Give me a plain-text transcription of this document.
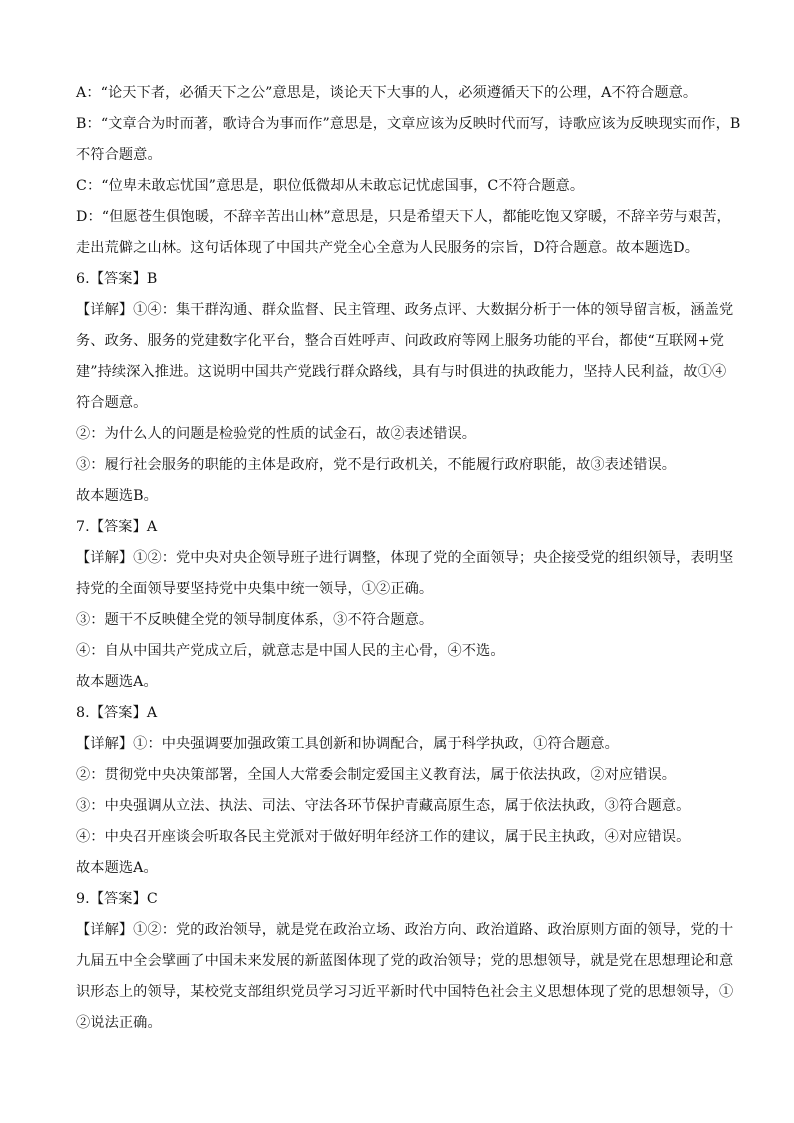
A：“论天下者，必循天下之公”意思是，谈论天下大事的人，必须遵循天下的公理，A不符合题意。

B：“文章合为时而著，歌诗合为事而作”意思是，文章应该为反映时代而写，诗歌应该为反映现实而作，B

不符合题意。

C：“位卑未敢忘忧国”意思是，职位低微却从未敢忘记忧虑国事，C不符合题意。

D：“但愿苍生俱饱暖，不辞辛苦出山林”意思是，只是希望天下人，都能吃饱又穿暖，不辞辛劳与艰苦，

走出荒僻之山林。这句话体现了中国共产党全心全意为人民服务的宗旨，D符合题意。故本题选D。

6.【答案】B

【详解】①④：集干群沟通、群众监督、民主管理、政务点评、大数据分析于一体的领导留言板，涵盖党

务、政务、服务的党建数字化平台，整合百姓呼声、问政政府等网上服务功能的平台，都使“互联网+党

建”持续深入推进。这说明中国共产党践行群众路线，具有与时俱进的执政能力，坚持人民利益，故①④

符合题意。

②：为什么人的问题是检验党的性质的试金石，故②表述错误。

③：履行社会服务的职能的主体是政府，党不是行政机关，不能履行政府职能，故③表述错误。

故本题选B。

7.【答案】A

【详解】①②：党中央对央企领导班子进行调整，体现了党的全面领导；央企接受党的组织领导，表明坚

持党的全面领导要坚持党中央集中统一领导，①②正确。

③：题干不反映健全党的领导制度体系，③不符合题意。

④：自从中国共产党成立后，就意志是中国人民的主心骨，④不选。

故本题选A。

8.【答案】A

【详解】①：中央强调要加强政策工具创新和协调配合，属于科学执政，①符合题意。

②：贯彻党中央决策部署，全国人大常委会制定爱国主义教育法，属于依法执政，②对应错误。

③：中央强调从立法、执法、司法、守法各环节保护青藏高原生态，属于依法执政，③符合题意。

④：中央召开座谈会听取各民主党派对于做好明年经济工作的建议，属于民主执政，④对应错误。

故本题选A。

9.【答案】C

【详解】①②：党的政治领导，就是党在政治立场、政治方向、政治道路、政治原则方面的领导，党的十

九届五中全会擘画了中国未来发展的新蓝图体现了党的政治领导；党的思想领导，就是党在思想理论和意

识形态上的领导，某校党支部组织党员学习习近平新时代中国特色社会主义思想体现了党的思想领导，①

②说法正确。
